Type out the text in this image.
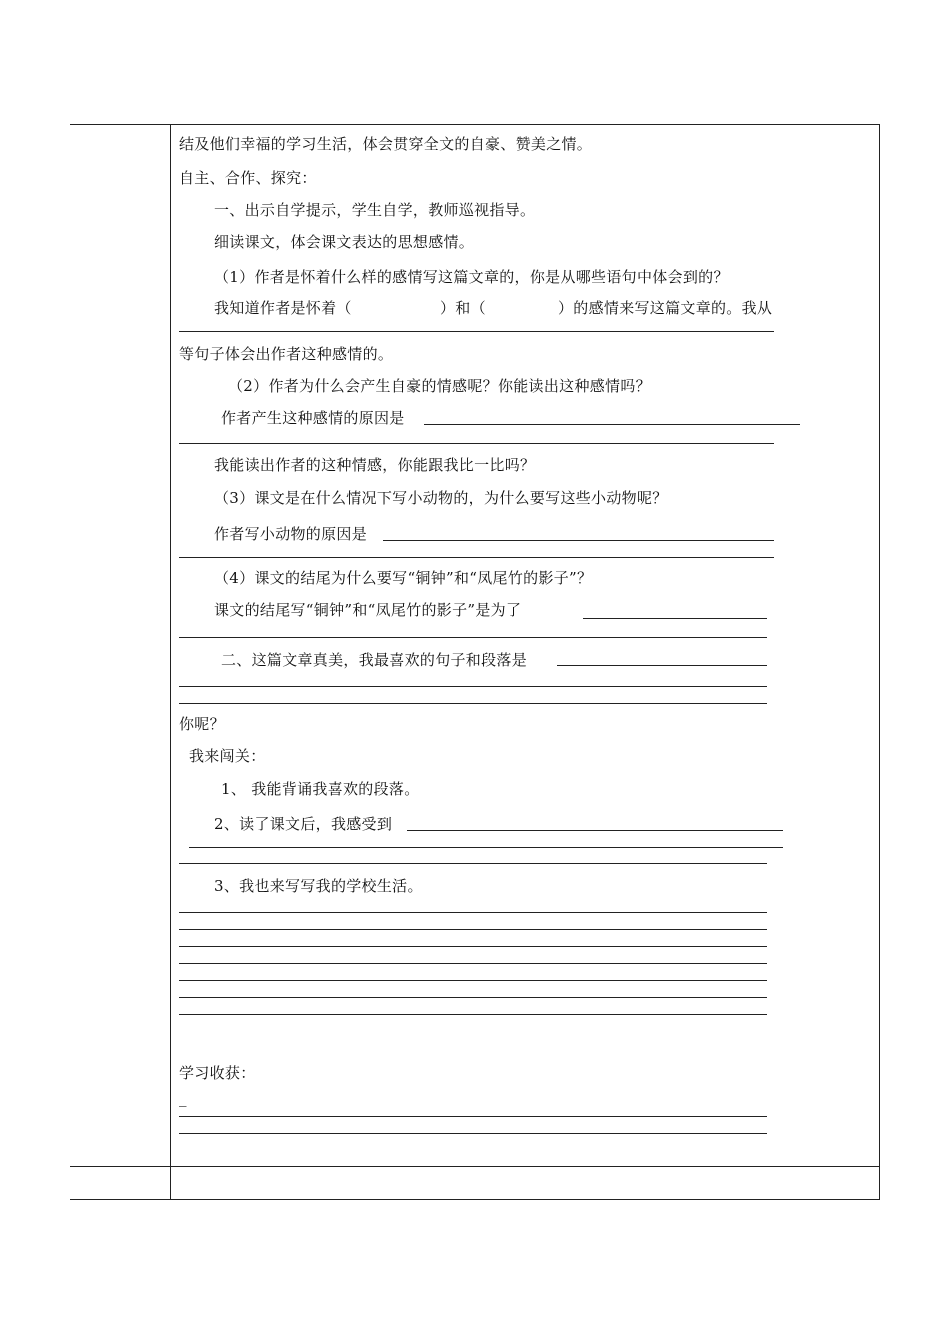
结及他们幸福的学习生活，体会贯穿全文的自豪、赞美之情。
自主、合作、探究：
一、出示自学提示，学生自学，教师巡视指导。
细读课文，体会课文表达的思想感情。
（1）作者是怀着什么样的感情写这篇文章的，你是从哪些语句中体会到的？
我知道作者是怀着（	）和（	）的感情来写这篇文章的。我从
等句子体会出作者这种感情的。
（2）作者为什么会产生自豪的情感呢？你能读出这种感情吗？
作者产生这种感情的原因是
我能读出作者的这种情感，你能跟我比一比吗？
（3）课文是在什么情况下写小动物的，为什么要写这些小动物呢？
作者写小动物的原因是
（4）课文的结尾为什么要写“铜钟”和“凤尾竹的影子”？
课文的结尾写“铜钟”和“凤尾竹的影子”是为了
二、这篇文章真美，我最喜欢的句子和段落是
你呢？
我来闯关：
1、 我能背诵我喜欢的段落。
2、读了课文后，我感受到
3、我也来写写我的学校生活。
学习收获：
_
